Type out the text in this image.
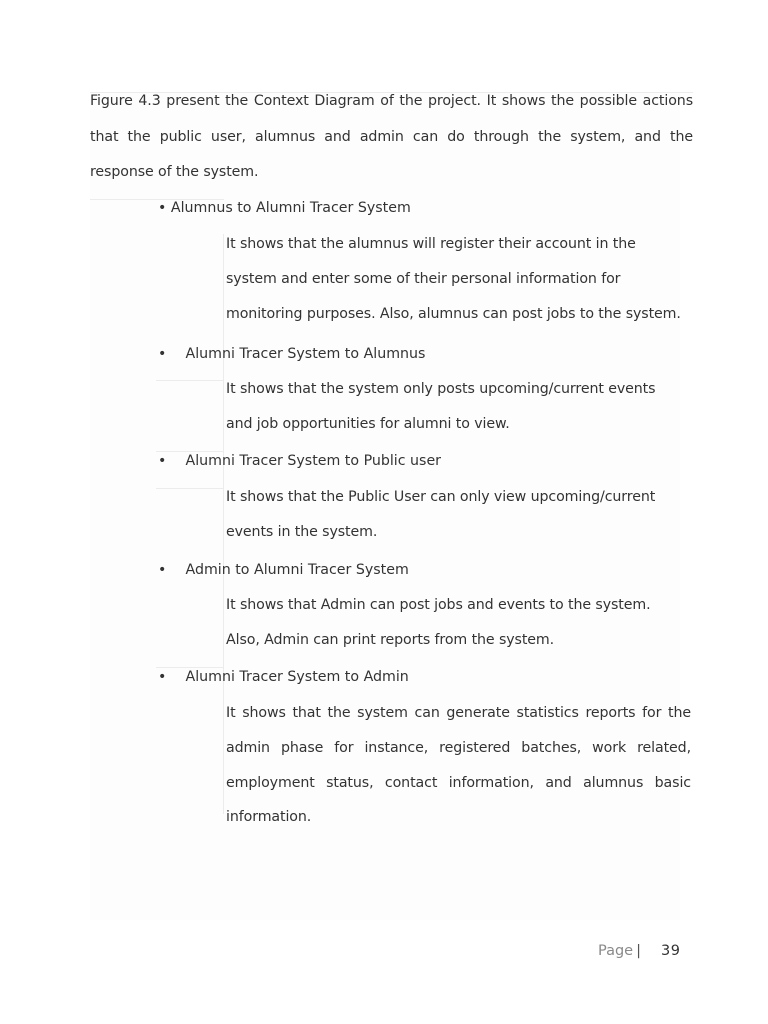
Figure 4.3 present the Context Diagram of the project. It shows the possible actions that the public user, alumnus and admin can do through the system, and the response of the system.
• Alumnus to Alumni Tracer System
It shows that the alumnus will register their account in the system and enter some of their personal information for monitoring purposes. Also, alumnus can post jobs to the system.
• Alumni Tracer System to Alumnus
It shows that the system only posts upcoming/current events and job opportunities for alumni to view.
• Alumni Tracer System to Public user
It shows that the Public User can only view upcoming/current events in the system.
• Admin to Alumni Tracer System
It shows that Admin can post jobs and events to the system. Also, Admin can print reports from the system.
• Alumni Tracer System to Admin
It shows that the system can generate statistics reports for the admin phase for instance, registered batches, work related, employment status, contact information, and alumnus basic information.
Page | 39
